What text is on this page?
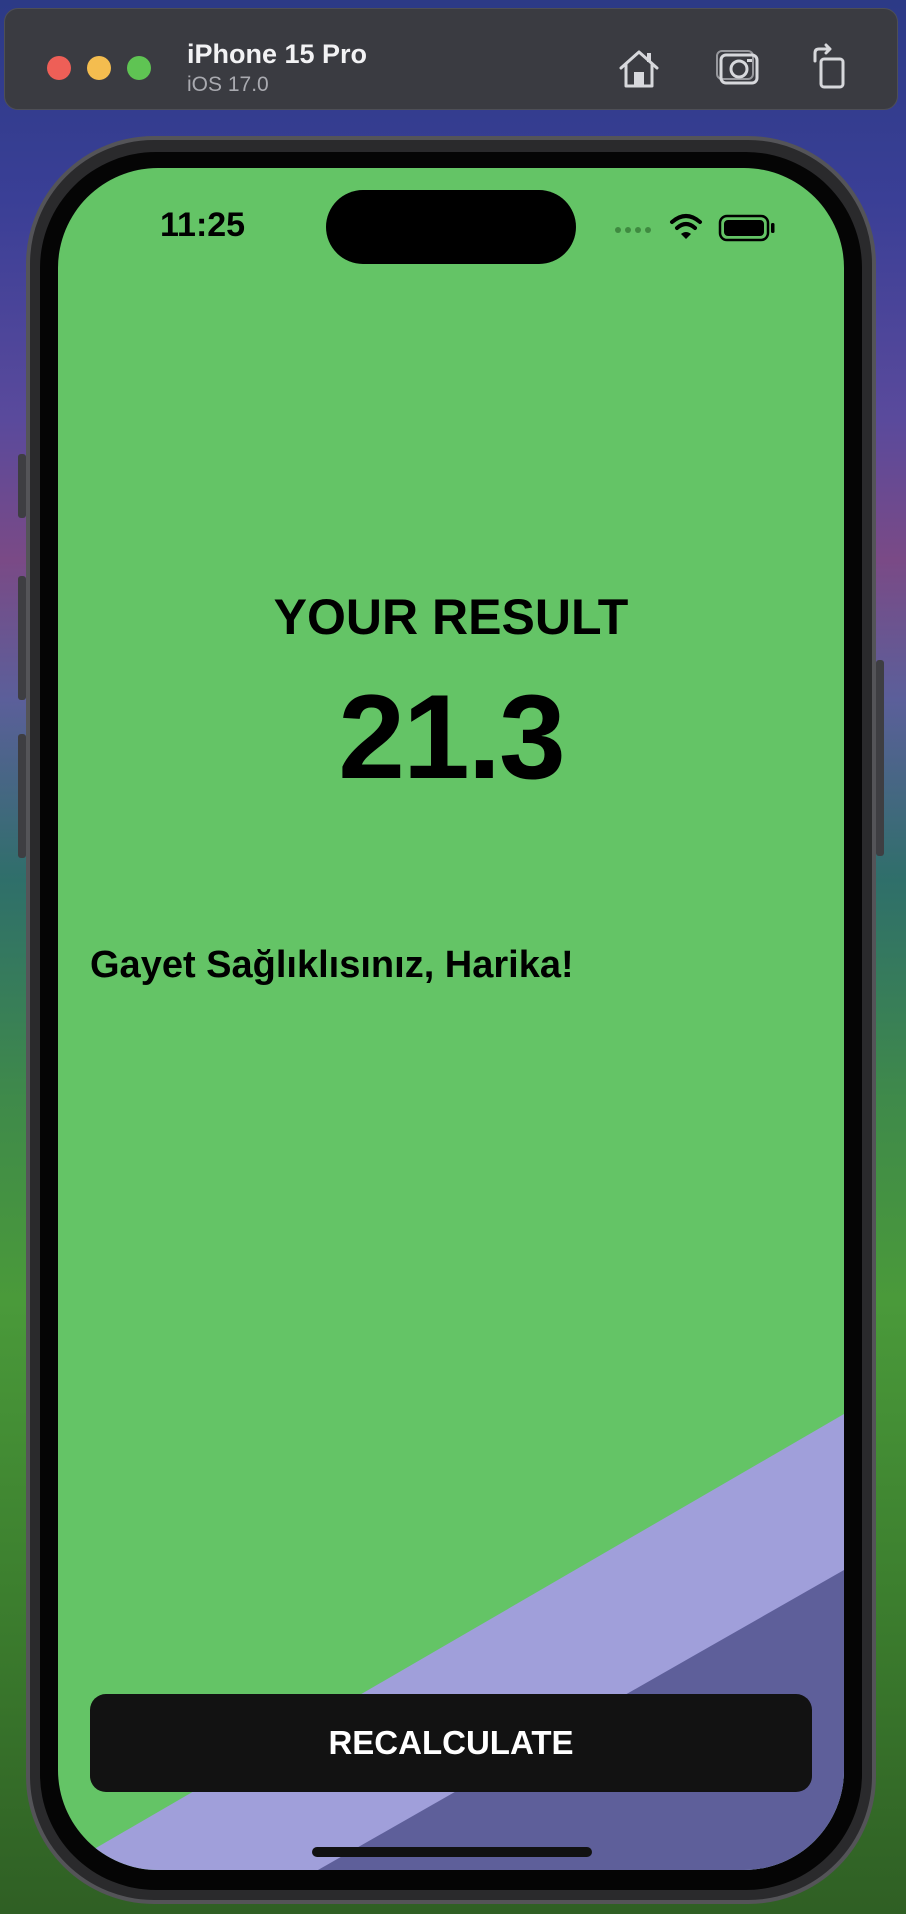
iPhone 15 Pro
iOS 17.0
11:25
YOUR RESULT
21.3
Gayet Sağlıklısınız, Harika!
RECALCULATE
